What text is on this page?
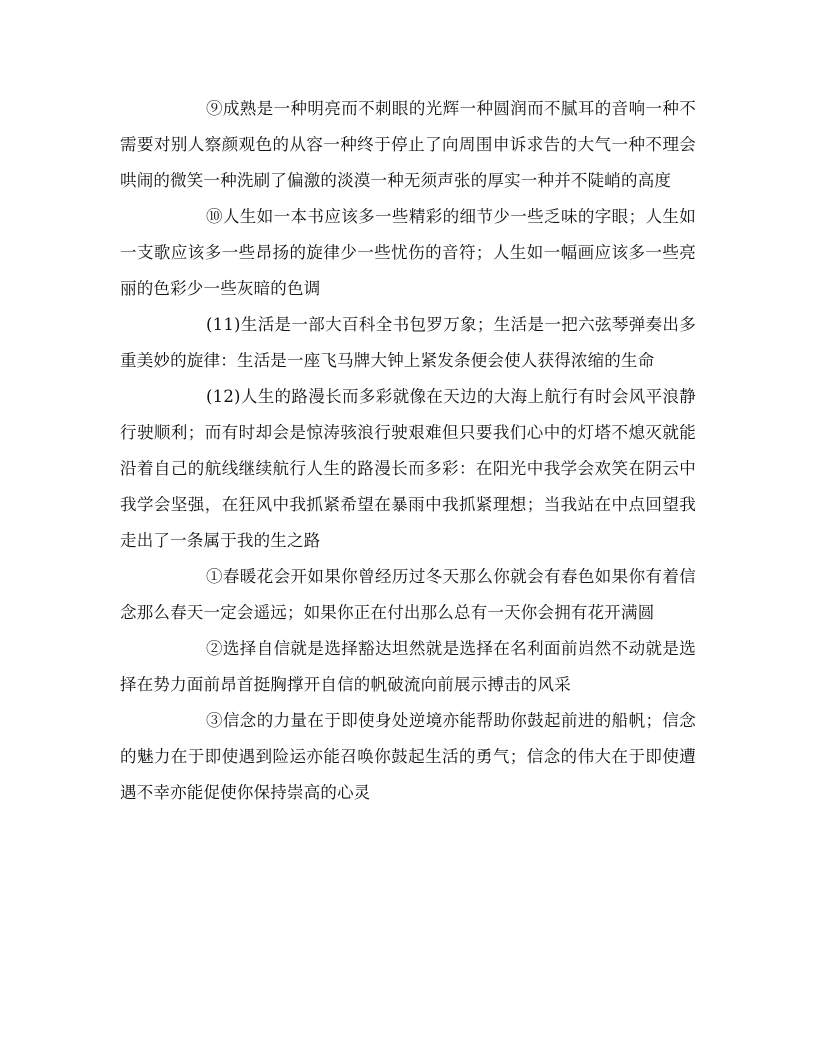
⑨成熟是一种明亮而不刺眼的光辉一种圆润而不腻耳的音响一种不需要对别人察颜观色的从容一种终于停止了向周围申诉求告的大气一种不理会哄闹的微笑一种洗刷了偏激的淡漠一种无须声张的厚实一种并不陡峭的高度

⑩人生如一本书应该多一些精彩的细节少一些乏味的字眼；人生如一支歌应该多一些昂扬的旋律少一些忧伤的音符；人生如一幅画应该多一些亮丽的色彩少一些灰暗的色调

(11)生活是一部大百科全书包罗万象；生活是一把六弦琴弹奏出多重美妙的旋律：生活是一座飞马牌大钟上紧发条便会使人获得浓缩的生命

(12)人生的路漫长而多彩就像在天边的大海上航行有时会风平浪静行驶顺利；而有时却会是惊涛骇浪行驶艰难但只要我们心中的灯塔不熄灭就能沿着自己的航线继续航行人生的路漫长而多彩：在阳光中我学会欢笑在阴云中我学会坚强，在狂风中我抓紧希望在暴雨中我抓紧理想；当我站在中点回望我走出了一条属于我的生之路

①春暖花会开如果你曾经历过冬天那么你就会有春色如果你有着信念那么春天一定会遥远；如果你正在付出那么总有一天你会拥有花开满圆

②选择自信就是选择豁达坦然就是选择在名利面前岿然不动就是选择在势力面前昂首挺胸撑开自信的帆破流向前展示搏击的风采

③信念的力量在于即使身处逆境亦能帮助你鼓起前进的船帆；信念的魅力在于即使遇到险运亦能召唤你鼓起生活的勇气；信念的伟大在于即使遭遇不幸亦能促使你保持崇高的心灵
